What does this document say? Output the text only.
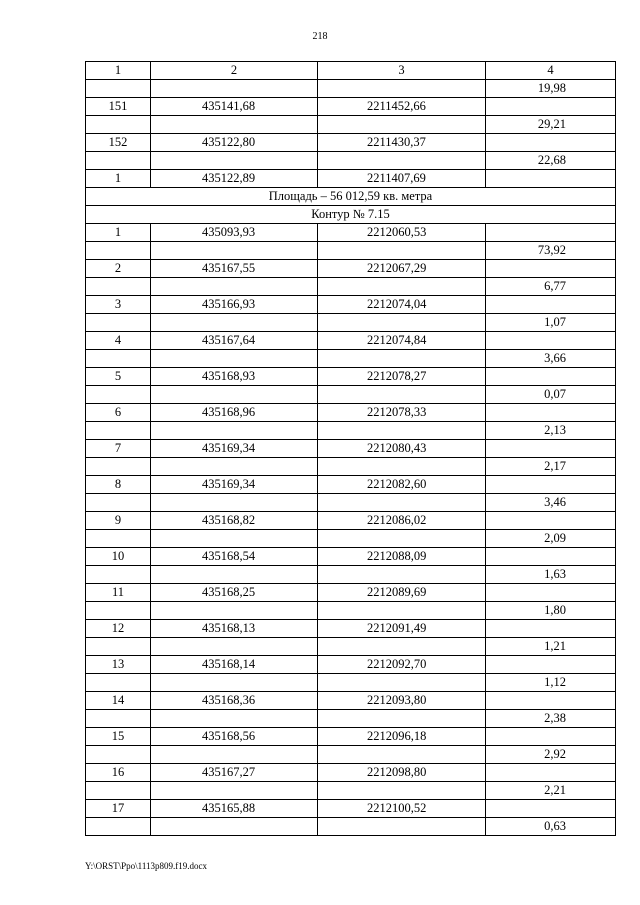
218
1	2	3	4
			19,98
151	435141,68	2211452,66	
			29,21
152	435122,80	2211430,37	
			22,68
1	435122,89	2211407,69	
Площадь – 56 012,59 кв. метра			
Контур № 7.15			
1	435093,93	2212060,53	
			73,92
2	435167,55	2212067,29	
			6,77
3	435166,93	2212074,04	
			1,07
4	435167,64	2212074,84	
			3,66
5	435168,93	2212078,27	
			0,07
6	435168,96	2212078,33	
			2,13
7	435169,34	2212080,43	
			2,17
8	435169,34	2212082,60	
			3,46
9	435168,82	2212086,02	
			2,09
10	435168,54	2212088,09	
			1,63
11	435168,25	2212089,69	
			1,80
12	435168,13	2212091,49	
			1,21
13	435168,14	2212092,70	
			1,12
14	435168,36	2212093,80	
			2,38
15	435168,56	2212096,18	
			2,92
16	435167,27	2212098,80	
			2,21
17	435165,88	2212100,52	
			0,63
Y:\ORST\Ppo\1113p809.f19.docx
